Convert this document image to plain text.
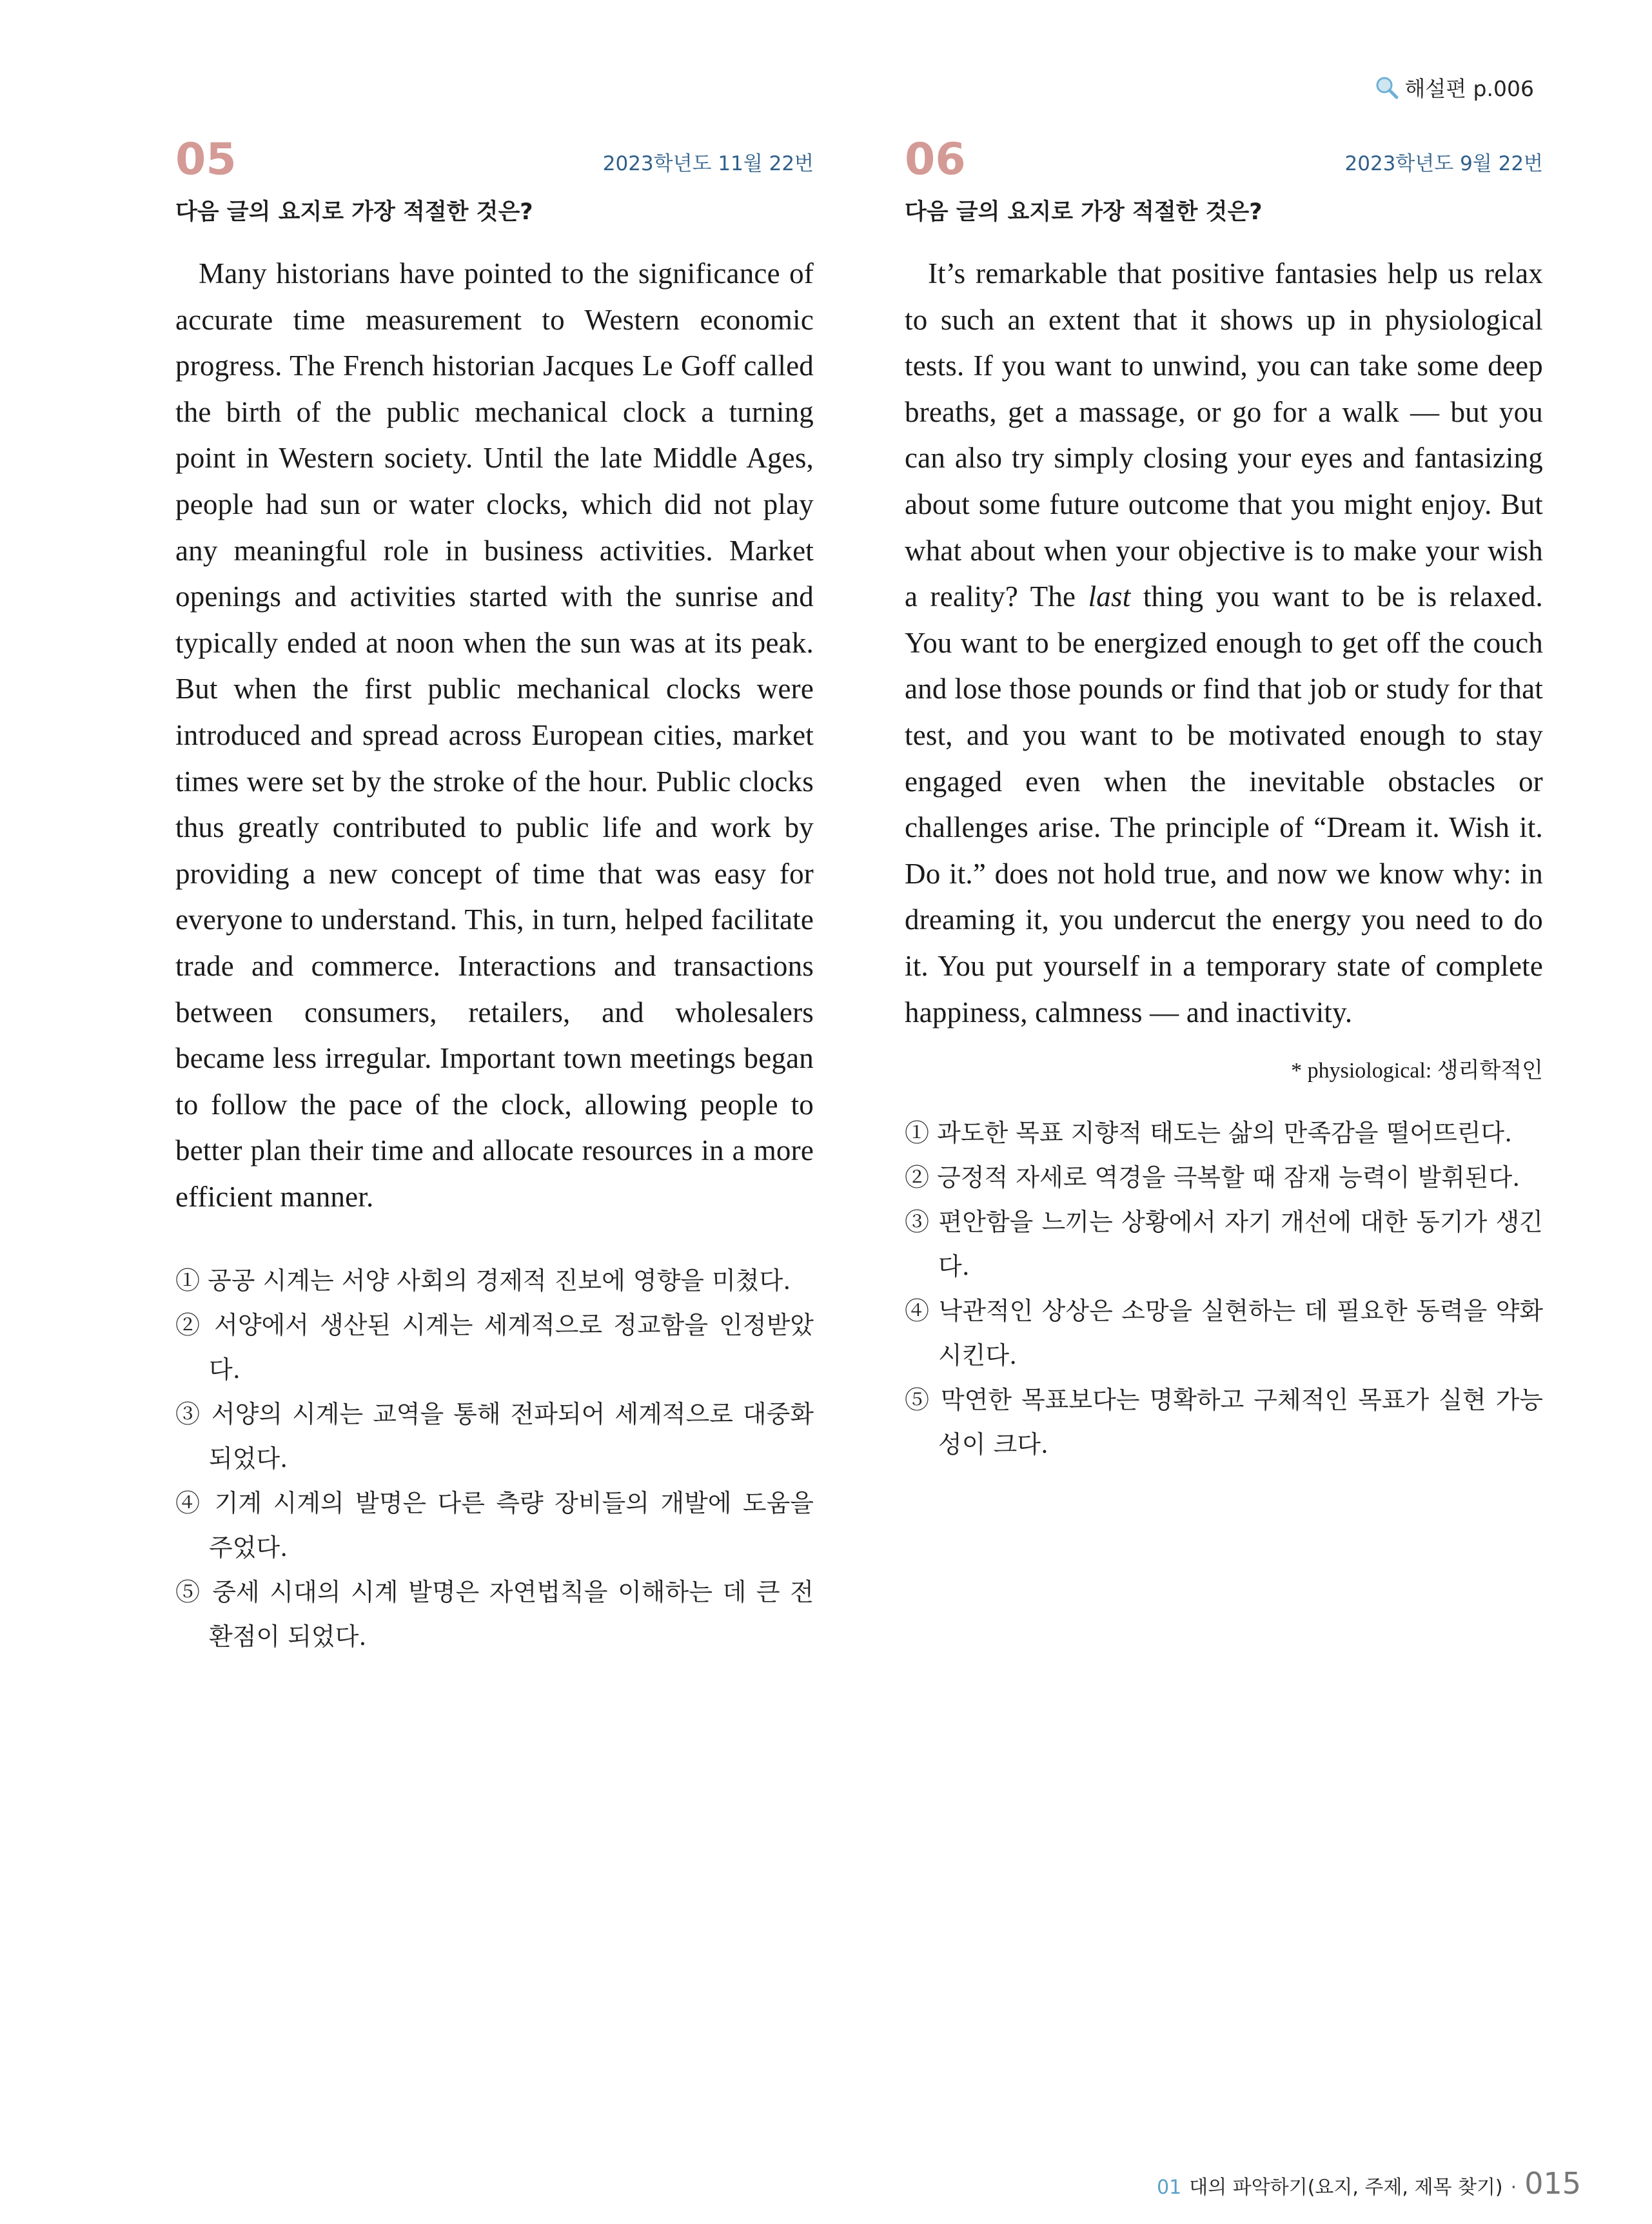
해설편 p.006
05	2023학년도 11월 22번
다음 글의 요지로 가장 적절한 것은?
Many historians have pointed to the significance of accurate time measurement to Western economic progress. The French historian Jacques Le Goff called the birth of the public mechanical clock a turning point in Western society. Until the late Middle Ages, people had sun or water clocks, which did not play any meaningful role in business activities. Market openings and activities started with the sunrise and typically ended at noon when the sun was at its peak. But when the first public mechanical clocks were introduced and spread across European cities, market times were set by the stroke of the hour. Public clocks thus greatly contributed to public life and work by providing a new concept of time that was easy for everyone to understand. This, in turn, helped facilitate trade and commerce. Interactions and transactions between consumers, retailers, and wholesalers became less irregular. Important town meetings began to follow the pace of the clock, allowing people to better plan their time and allocate resources in a more efficient manner.
① 공공 시계는 서양 사회의 경제적 진보에 영향을 미쳤다.
② 서양에서 생산된 시계는 세계적으로 정교함을 인정받았다.
③ 서양의 시계는 교역을 통해 전파되어 세계적으로 대중화되었다.
④ 기계 시계의 발명은 다른 측량 장비들의 개발에 도움을 주었다.
⑤ 중세 시대의 시계 발명은 자연법칙을 이해하는 데 큰 전환점이 되었다.
06	2023학년도 9월 22번
다음 글의 요지로 가장 적절한 것은?
It’s remarkable that positive fantasies help us relax to such an extent that it shows up in physiological tests. If you want to unwind, you can take some deep breaths, get a massage, or go for a walk — but you can also try simply closing your eyes and fantasizing about some future outcome that you might enjoy. But what about when your objective is to make your wish a reality? The last thing you want to be is relaxed. You want to be energized enough to get off the couch and lose those pounds or find that job or study for that test, and you want to be motivated enough to stay engaged even when the inevitable obstacles or challenges arise. The principle of “Dream it. Wish it. Do it.” does not hold true, and now we know why: in dreaming it, you undercut the energy you need to do it. You put yourself in a temporary state of complete happiness, calmness — and inactivity.
* physiological: 생리학적인
① 과도한 목표 지향적 태도는 삶의 만족감을 떨어뜨린다.
② 긍정적 자세로 역경을 극복할 때 잠재 능력이 발휘된다.
③ 편안함을 느끼는 상황에서 자기 개선에 대한 동기가 생긴다.
④ 낙관적인 상상은 소망을 실현하는 데 필요한 동력을 약화시킨다.
⑤ 막연한 목표보다는 명확하고 구체적인 목표가 실현 가능성이 크다.
01 대의 파악하기(요지, 주제, 제목 찾기) · 015
